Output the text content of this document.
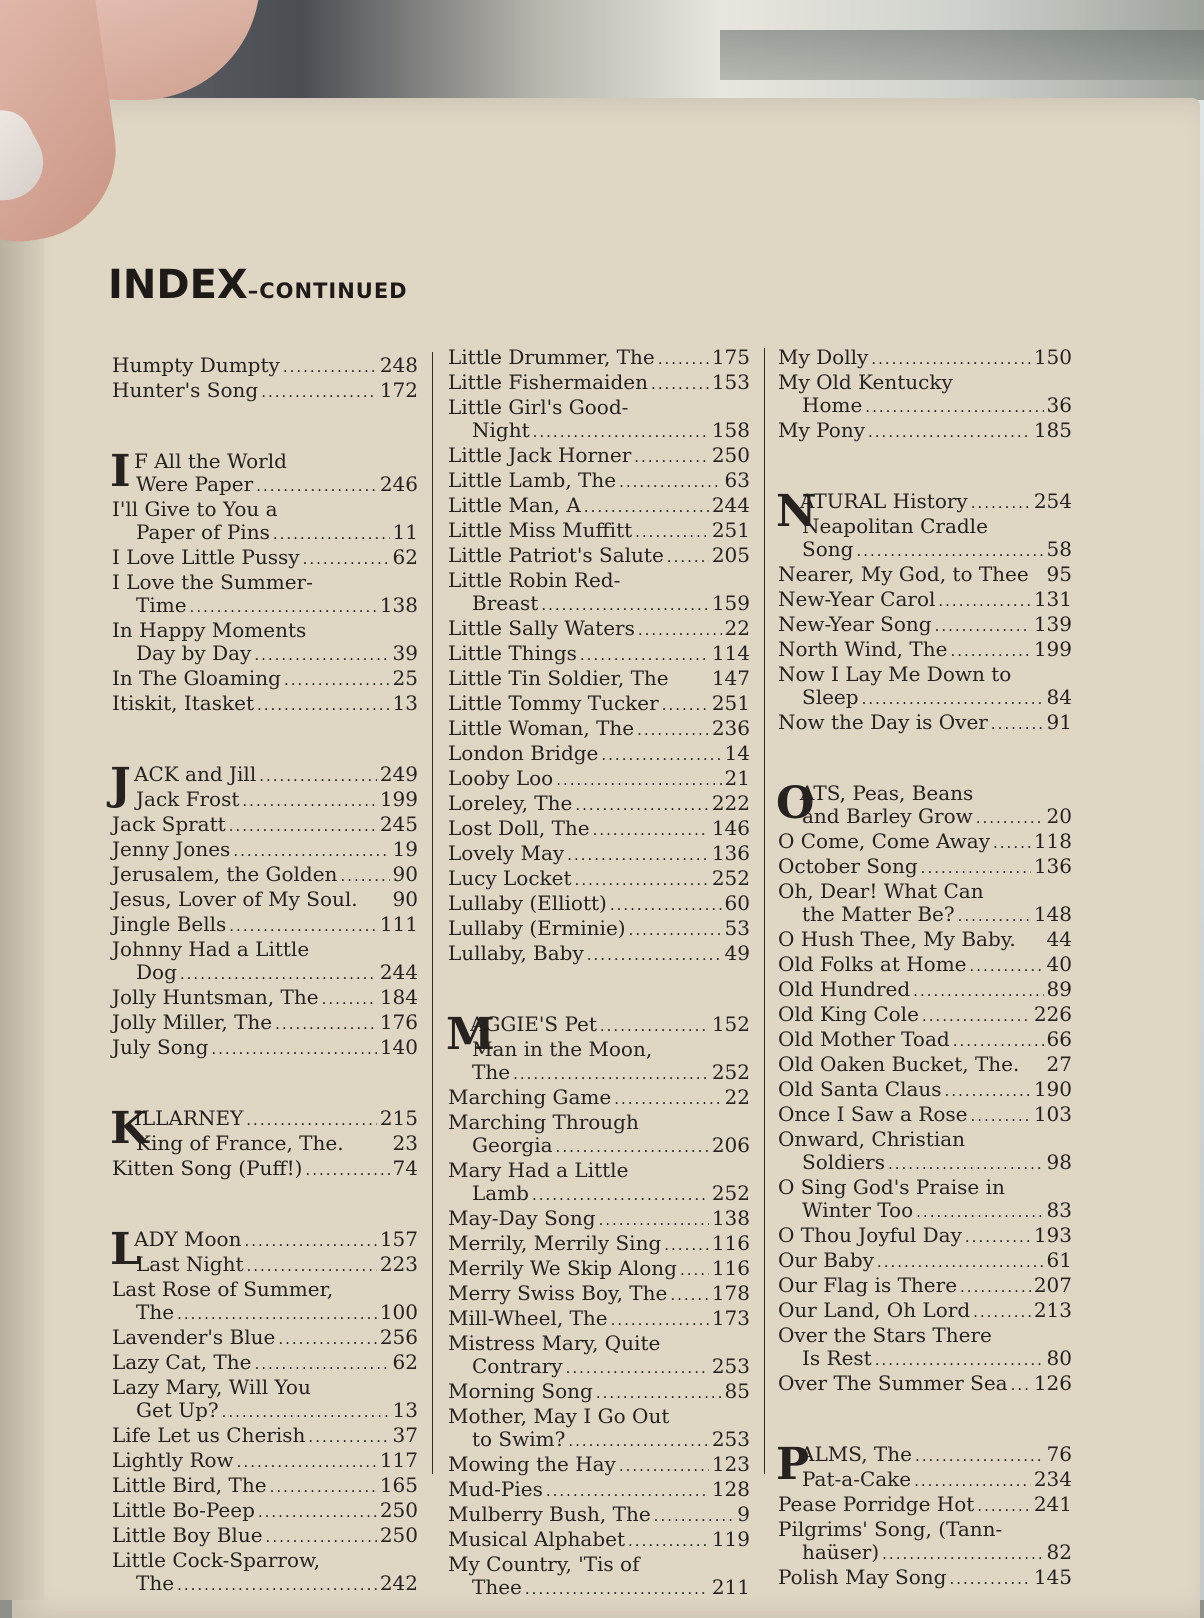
INDEX–CONTINUED
Humpty Dumpty .....	248
Hunter's Song .....	172
I F All the World
Were Paper .....	246
I'll Give to You a
Paper of Pins .....	11
I Love Little Pussy .....	62
I Love the Summer-
Time .....	138
In Happy Moments
Day by Day .....	39
In The Gloaming .....	25
Itiskit, Itasket .....	13
J ACK and Jill .....	249
Jack Frost .....	199
Jack Spratt .....	245
Jenny Jones .....	19
Jerusalem, the Golden .....	90
Jesus, Lover of My Soul. 90
Jingle Bells .....	111
Johnny Had a Little
Dog .....	244
Jolly Huntsman, The .....	184
Jolly Miller, The .....	176
July Song .....	140
K
ILLARNEY .....	215
King of France, The. 23
Kitten Song (Puff!) .....	74
L
ADY Moon .....	157
Last Night .....	223
Last Rose of Summer,
The .....	100
Lavender's Blue .....	256
Lazy Cat, The .....	62
Lazy Mary, Will You
Get Up? .....	13
Life Let us Cherish .....	37
Lightly Row .....	117
Little Bird, The .....	165
Little Bo-Peep .....	250
Little Boy Blue .....	250
Little Cock-Sparrow,
The .....	242
Little Drummer, The .....	175
Little Fishermaiden .....	153
Little Girl's Good-
Night .....	158
Little Jack Horner .....	250
Little Lamb, The .....	63
Little Man, A .....	244
Little Miss Muffitt .....	251
Little Patriot's Salute ..... 205
Little Robin Red-
Breast .....	159
Little Sally Waters .....	22
Little Things .....	114
Little Tin Soldier, The 147
Little Tommy Tucker .....	251
Little Woman, The .....	236
London Bridge .....	14
Looby Loo .....	21
Loreley, The .....	222
Lost Doll, The .....	146
Lovely May .....	136
Lucy Locket .....	252
Lullaby (Elliott) .....	60
Lullaby (Erminie) .....	53
Lullaby, Baby .....	49
M
AGGIE'S Pet .....	152
Man in the Moon,
The .....	252
Marching Game .....	22
Marching Through
Georgia .....	206
Mary Had a Little
Lamb .....	252
May-Day Song .....	138
Merrily, Merrily Sing .....	116
Merrily We Skip Along ..... 116
Merry Swiss Boy, The ..... 178
Mill-Wheel, The .....	173
Mistress Mary, Quite
Contrary .....	253
Morning Song .....	85
Mother, May I Go Out
to Swim? .....	253
Mowing the Hay .....	123
Mud-Pies .....	128
Mulberry Bush, The .....	9
Musical Alphabet .....	119
My Country, 'Tis of
Thee .....	211
My Dolly .....	150
My Old Kentucky
Home .....	36
My Pony .....	185
N
ATURAL History .....	254
Neapolitan Cradle
Song .....	58
Nearer, My God, to Thee 95
New-Year Carol .....	131
New-Year Song .....	139
North Wind, The .....	199
Now I Lay Me Down to
Sleep .....	84
Now the Day is Over .....	91
O
ATS, Peas, Beans
and Barley Grow .....	20
O Come, Come Away ..... 118
October Song .....	136
Oh, Dear! What Can
the Matter Be? .....	148
O Hush Thee, My Baby. 44
Old Folks at Home .....	40
Old Hundred .....	89
Old King Cole .....	226
Old Mother Toad .....	66
Old Oaken Bucket, The. 27
Old Santa Claus .....	190
Once I Saw a Rose .....	103
Onward, Christian
Soldiers .....	98
O Sing God's Praise in
Winter Too .....	83
O Thou Joyful Day .....	193
Our Baby .....	61
Our Flag is There .....	207
Our Land, Oh Lord .....	213
Over the Stars There
Is Rest .....	80
Over The Summer Sea ..... 126
P
ALMS, The .....	76
Pat-a-Cake .....	234
Pease Porridge Hot .....	241
Pilgrims' Song, (Tann-
haüser) .....	82
Polish May Song .....	145
